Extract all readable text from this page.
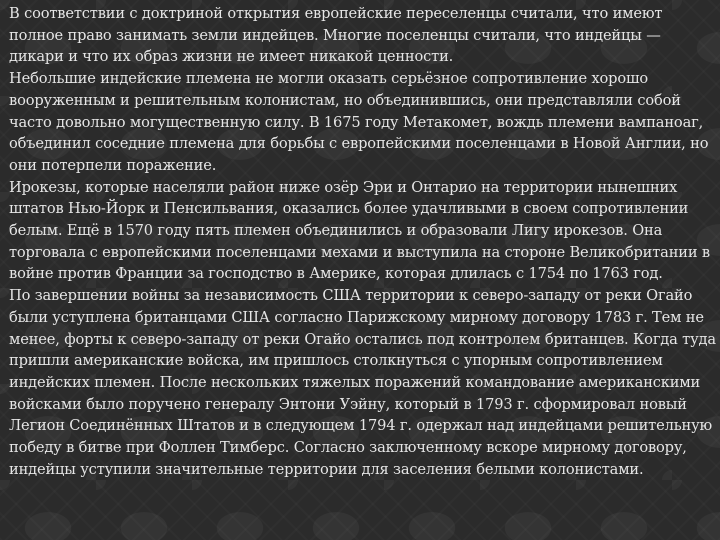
В соответствии с доктриной открытия европейские переселенцы считали, что имеют полное право занимать земли индейцев. Многие поселенцы считали, что индейцы — дикари и что их образ жизни не имеет никакой ценности.

Небольшие индейские племена не могли оказать серьёзное сопротивление хорошо вооруженным и решительным колонистам, но объединившись, они представляли собой часто довольно могущественную силу. В 1675 году Метакомет, вождь племени вампаноаг, объединил соседние племена для борьбы с европейскими поселенцами в Новой Англии, но они потерпели поражение.

Ирокезы, которые населяли район ниже озёр Эри и Онтарио на территории нынешних штатов Нью-Йорк и Пенсильвания, оказались более удачливыми в своем сопротивлении белым. Ещё в 1570 году пять племен объединились и образовали Лигу ирокезов. Она торговала с европейскими поселенцами мехами и выступила на стороне Великобритании в войне против Франции за господство в Америке, которая длилась с 1754 по 1763 год.

По завершении войны за независимость США территории к северо-западу от реки Огайо были уступлена британцами США согласно Парижскому мирному договору 1783 г. Тем не менее, форты к северо-западу от реки Огайо остались под контролем британцев. Когда туда пришли американские войска, им пришлось столкнуться с упорным сопротивлением индейских племен. После нескольких тяжелых поражений командование американскими войсками было поручено генералу Энтони Уэйну, который в 1793 г. сформировал новый Легион Соединённых Штатов и в следующем 1794 г. одержал над индейцами решительную победу в битве при Фоллен Тимберс. Согласно заключенному вскоре мирному договору, индейцы уступили значительные территории для заселения белыми колонистами.
